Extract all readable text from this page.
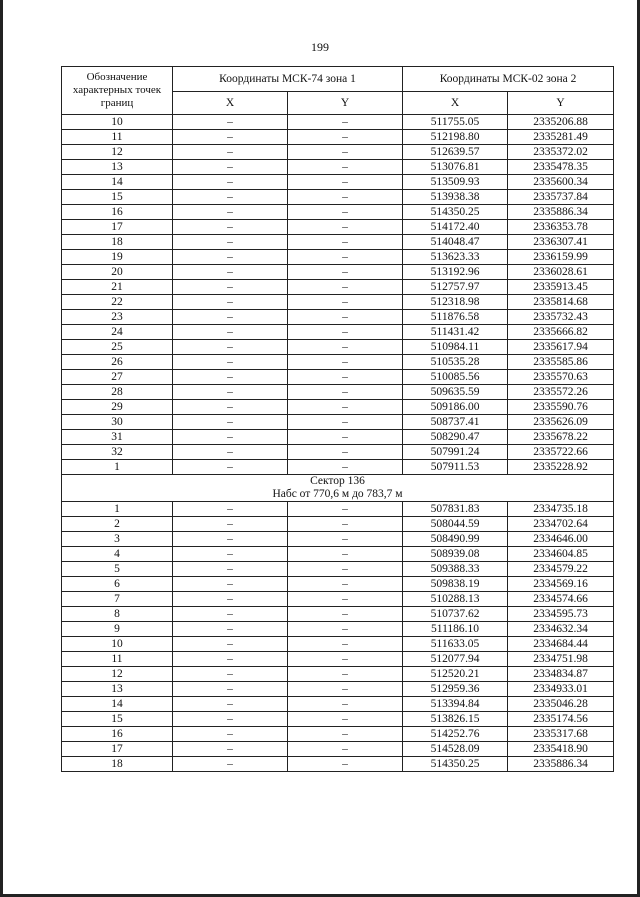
199
Обозначение характерных точек границ	Координаты МСК-74 зона 1		Координаты МСК-02 зона 2	
	X	Y	X	Y
10	–	–	511755.05	2335206.88
11	–	–	512198.80	2335281.49
12	–	–	512639.57	2335372.02
13	–	–	513076.81	2335478.35
14	–	–	513509.93	2335600.34
15	–	–	513938.38	2335737.84
16	–	–	514350.25	2335886.34
17	–	–	514172.40	2336353.78
18	–	–	514048.47	2336307.41
19	–	–	513623.33	2336159.99
20	–	–	513192.96	2336028.61
21	–	–	512757.97	2335913.45
22	–	–	512318.98	2335814.68
23	–	–	511876.58	2335732.43
24	–	–	511431.42	2335666.82
25	–	–	510984.11	2335617.94
26	–	–	510535.28	2335585.86
27	–	–	510085.56	2335570.63
28	–	–	509635.59	2335572.26
29	–	–	509186.00	2335590.76
30	–	–	508737.41	2335626.09
31	–	–	508290.47	2335678.22
32	–	–	507991.24	2335722.66
1	–	–	507911.53	2335228.92

Сектор 136
Набс от 770,6 м до 783,7 м				

1	–	–	507831.83	2334735.18
2	–	–	508044.59	2334702.64
3	–	–	508490.99	2334646.00
4	–	–	508939.08	2334604.85
5	–	–	509388.33	2334579.22
6	–	–	509838.19	2334569.16
7	–	–	510288.13	2334574.66
8	–	–	510737.62	2334595.73
9	–	–	511186.10	2334632.34
10	–	–	511633.05	2334684.44
11	–	–	512077.94	2334751.98
12	–	–	512520.21	2334834.87
13	–	–	512959.36	2334933.01
14	–	–	513394.84	2335046.28
15	–	–	513826.15	2335174.56
16	–	–	514252.76	2335317.68
17	–	–	514528.09	2335418.90
18	–	–	514350.25	2335886.34
